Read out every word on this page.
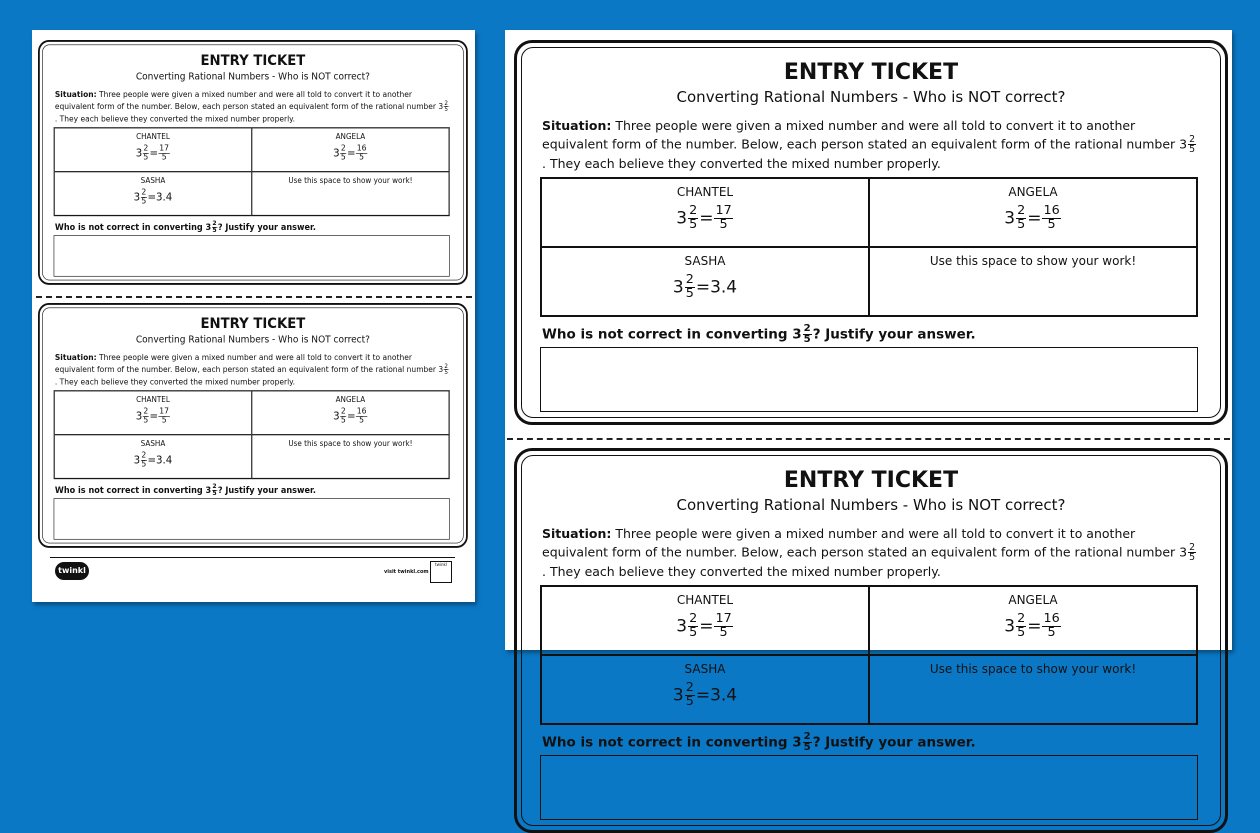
ENTRY TICKET
Converting Rational Numbers - Who is NOT correct?
Situation: Three people were given a mixed number and were all told to convert it to another equivalent form of the number. Below, each person stated an equivalent form of the rational number $3 \frac{2}{5}$
. They each believe they converted the mixed number properly.
CHANTEL
$3 \frac{2}{5} = \frac{17}{5}$
ANGELA
$3 \frac{2}{5} = \frac{16}{5}$
SASHA
$3 \frac{2}{5} =3.4$
Use this space to show your work!
Who is not correct in converting $3 \frac{2}{5}$ ? Justify your answer.
ENTRY TICKET
Converting Rational Numbers - Who is NOT correct?
Situation: Three people were given a mixed number and were all told to convert it to another equivalent form of the number. Below, each person stated an equivalent form of the rational number $3 \frac{2}{5}$
. They each believe they converted the mixed number properly.
CHANTEL
$3 \frac{2}{5} = \frac{17}{5}$
ANGELA
$3 \frac{2}{5} = \frac{16}{5}$
SASHA
$3 \frac{2}{5} =3.4$
Use this space to show your work!
Who is not correct in converting $3 \frac{2}{5}$ ? Justify your answer.
twinkl	visit twinkl.com
twinkl
ENTRY TICKET
Converting Rational Numbers - Who is NOT correct?
Situation: Three people were given a mixed number and were all told to convert it to another equivalent form of the number. Below, each person stated an equivalent form of the rational number $3 \frac{2}{5}$
. They each believe they converted the mixed number properly.
CHANTEL
$3 \frac{2}{5} = \frac{17}{5}$
ANGELA
$3 \frac{2}{5} = \frac{16}{5}$
SASHA
$3 \frac{2}{5} =3.4$
Use this space to show your work!
Who is not correct in converting $3 \frac{2}{5}$ ? Justify your answer.
ENTRY TICKET
Converting Rational Numbers - Who is NOT correct?
Situation: Three people were given a mixed number and were all told to convert it to another equivalent form of the number. Below, each person stated an equivalent form of the rational number $3 \frac{2}{5}$
. They each believe they converted the mixed number properly.
CHANTEL
$3 \frac{2}{5} = \frac{17}{5}$
ANGELA
$3 \frac{2}{5} = \frac{16}{5}$
SASHA
$3 \frac{2}{5} =3.4$
Use this space to show your work!
Who is not correct in converting $3 \frac{2}{5}$ ? Justify your answer.
